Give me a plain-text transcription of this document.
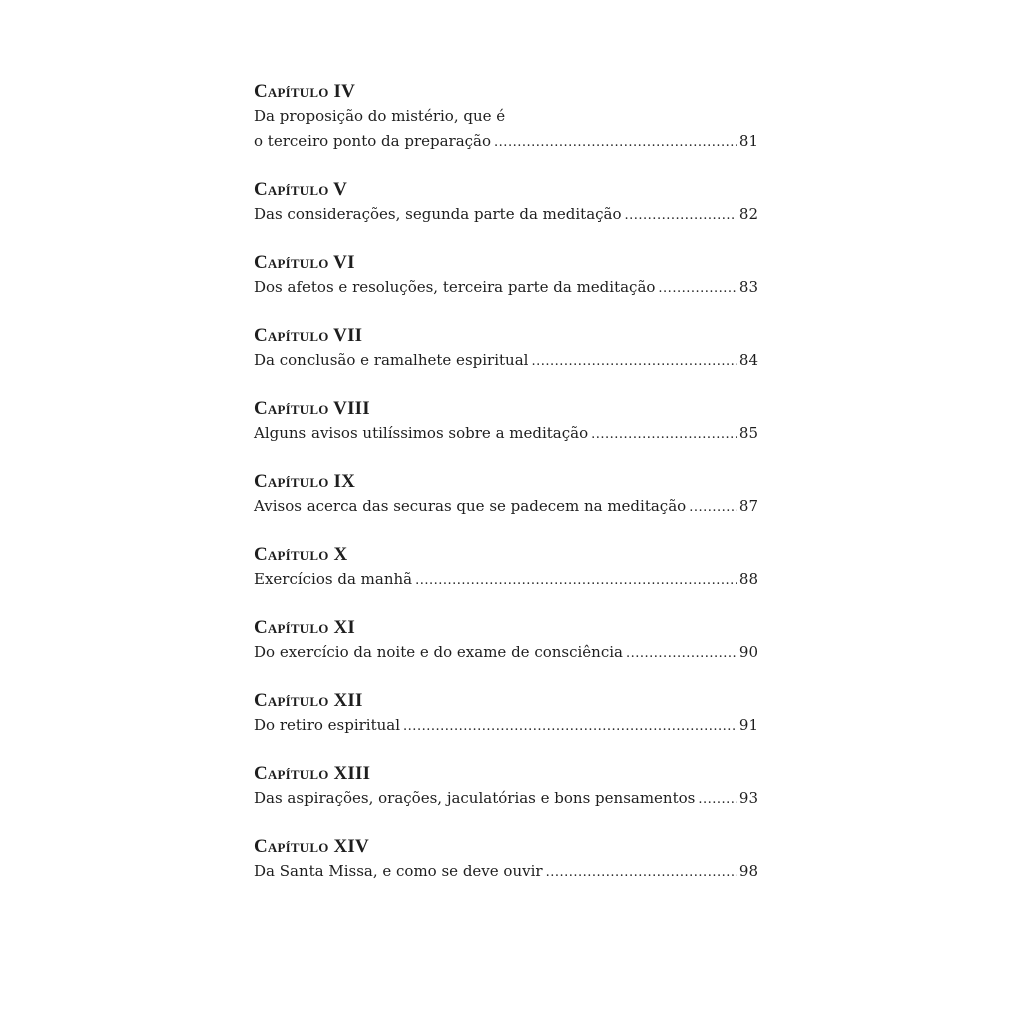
Capítulo IV
Da proposição do mistério, que é
o terceiro ponto da preparação .....	81
Capítulo V
Das considerações, segunda parte da meditação .....	82
Capítulo VI
Dos afetos e resoluções, terceira parte da meditação .....	83
Capítulo VII
Da conclusão e ramalhete espiritual .....	84
Capítulo VIII
Alguns avisos utilíssimos sobre a meditação .....	85
Capítulo IX
Avisos acerca das securas que se padecem na meditação .....	87
Capítulo X
Exercícios da manhã .....	88
Capítulo XI
Do exercício da noite e do exame de consciência .....	90
Capítulo XII
Do retiro espiritual .....	91
Capítulo XIII
Das aspirações, orações, jaculatórias e bons pensamentos .....	93
Capítulo XIV
Da Santa Missa, e como se deve ouvir .....	98
